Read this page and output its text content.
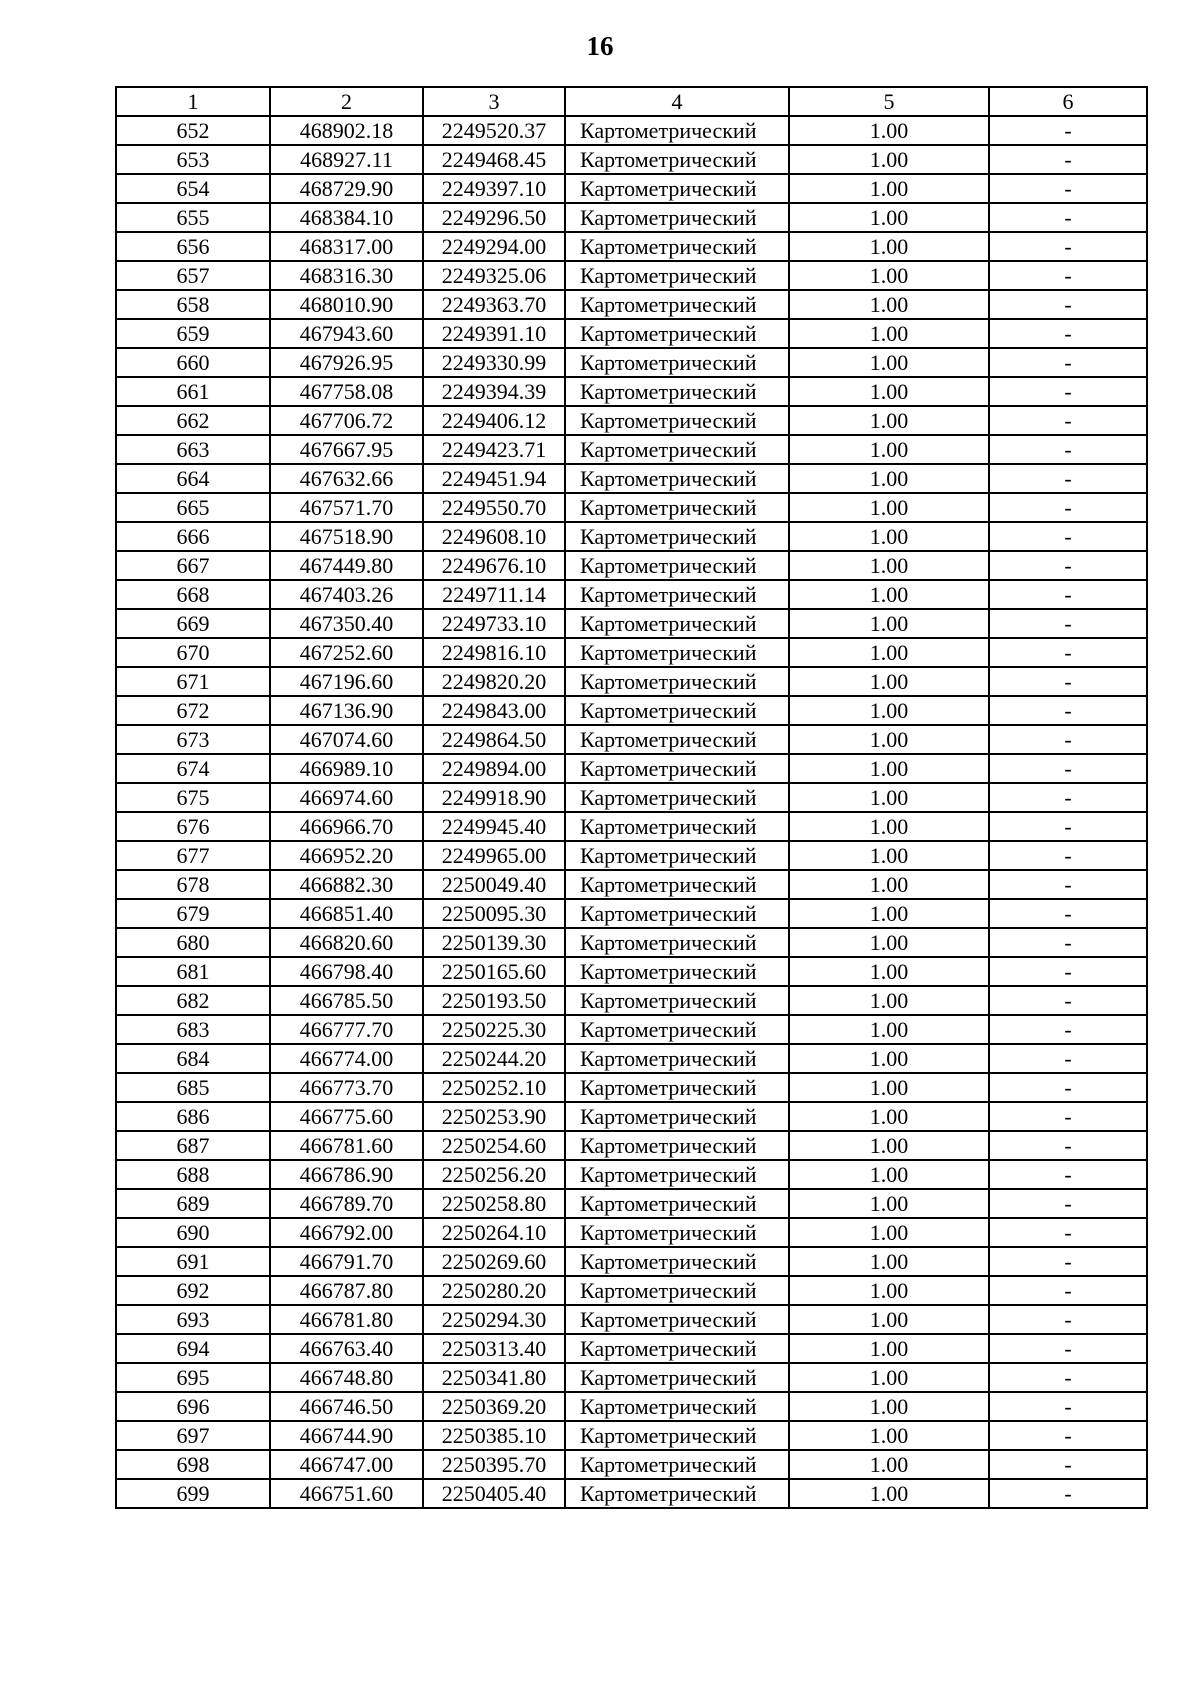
16
1	2	3	4	5	6
652	468902.18	2249520.37	Картометрический	1.00	-
653	468927.11	2249468.45	Картометрический	1.00	-
654	468729.90	2249397.10	Картометрический	1.00	-
655	468384.10	2249296.50	Картометрический	1.00	-
656	468317.00	2249294.00	Картометрический	1.00	-
657	468316.30	2249325.06	Картометрический	1.00	-
658	468010.90	2249363.70	Картометрический	1.00	-
659	467943.60	2249391.10	Картометрический	1.00	-
660	467926.95	2249330.99	Картометрический	1.00	-
661	467758.08	2249394.39	Картометрический	1.00	-
662	467706.72	2249406.12	Картометрический	1.00	-
663	467667.95	2249423.71	Картометрический	1.00	-
664	467632.66	2249451.94	Картометрический	1.00	-
665	467571.70	2249550.70	Картометрический	1.00	-
666	467518.90	2249608.10	Картометрический	1.00	-
667	467449.80	2249676.10	Картометрический	1.00	-
668	467403.26	2249711.14	Картометрический	1.00	-
669	467350.40	2249733.10	Картометрический	1.00	-
670	467252.60	2249816.10	Картометрический	1.00	-
671	467196.60	2249820.20	Картометрический	1.00	-
672	467136.90	2249843.00	Картометрический	1.00	-
673	467074.60	2249864.50	Картометрический	1.00	-
674	466989.10	2249894.00	Картометрический	1.00	-
675	466974.60	2249918.90	Картометрический	1.00	-
676	466966.70	2249945.40	Картометрический	1.00	-
677	466952.20	2249965.00	Картометрический	1.00	-
678	466882.30	2250049.40	Картометрический	1.00	-
679	466851.40	2250095.30	Картометрический	1.00	-
680	466820.60	2250139.30	Картометрический	1.00	-
681	466798.40	2250165.60	Картометрический	1.00	-
682	466785.50	2250193.50	Картометрический	1.00	-
683	466777.70	2250225.30	Картометрический	1.00	-
684	466774.00	2250244.20	Картометрический	1.00	-
685	466773.70	2250252.10	Картометрический	1.00	-
686	466775.60	2250253.90	Картометрический	1.00	-
687	466781.60	2250254.60	Картометрический	1.00	-
688	466786.90	2250256.20	Картометрический	1.00	-
689	466789.70	2250258.80	Картометрический	1.00	-
690	466792.00	2250264.10	Картометрический	1.00	-
691	466791.70	2250269.60	Картометрический	1.00	-
692	466787.80	2250280.20	Картометрический	1.00	-
693	466781.80	2250294.30	Картометрический	1.00	-
694	466763.40	2250313.40	Картометрический	1.00	-
695	466748.80	2250341.80	Картометрический	1.00	-
696	466746.50	2250369.20	Картометрический	1.00	-
697	466744.90	2250385.10	Картометрический	1.00	-
698	466747.00	2250395.70	Картометрический	1.00	-
699	466751.60	2250405.40	Картометрический	1.00	-
